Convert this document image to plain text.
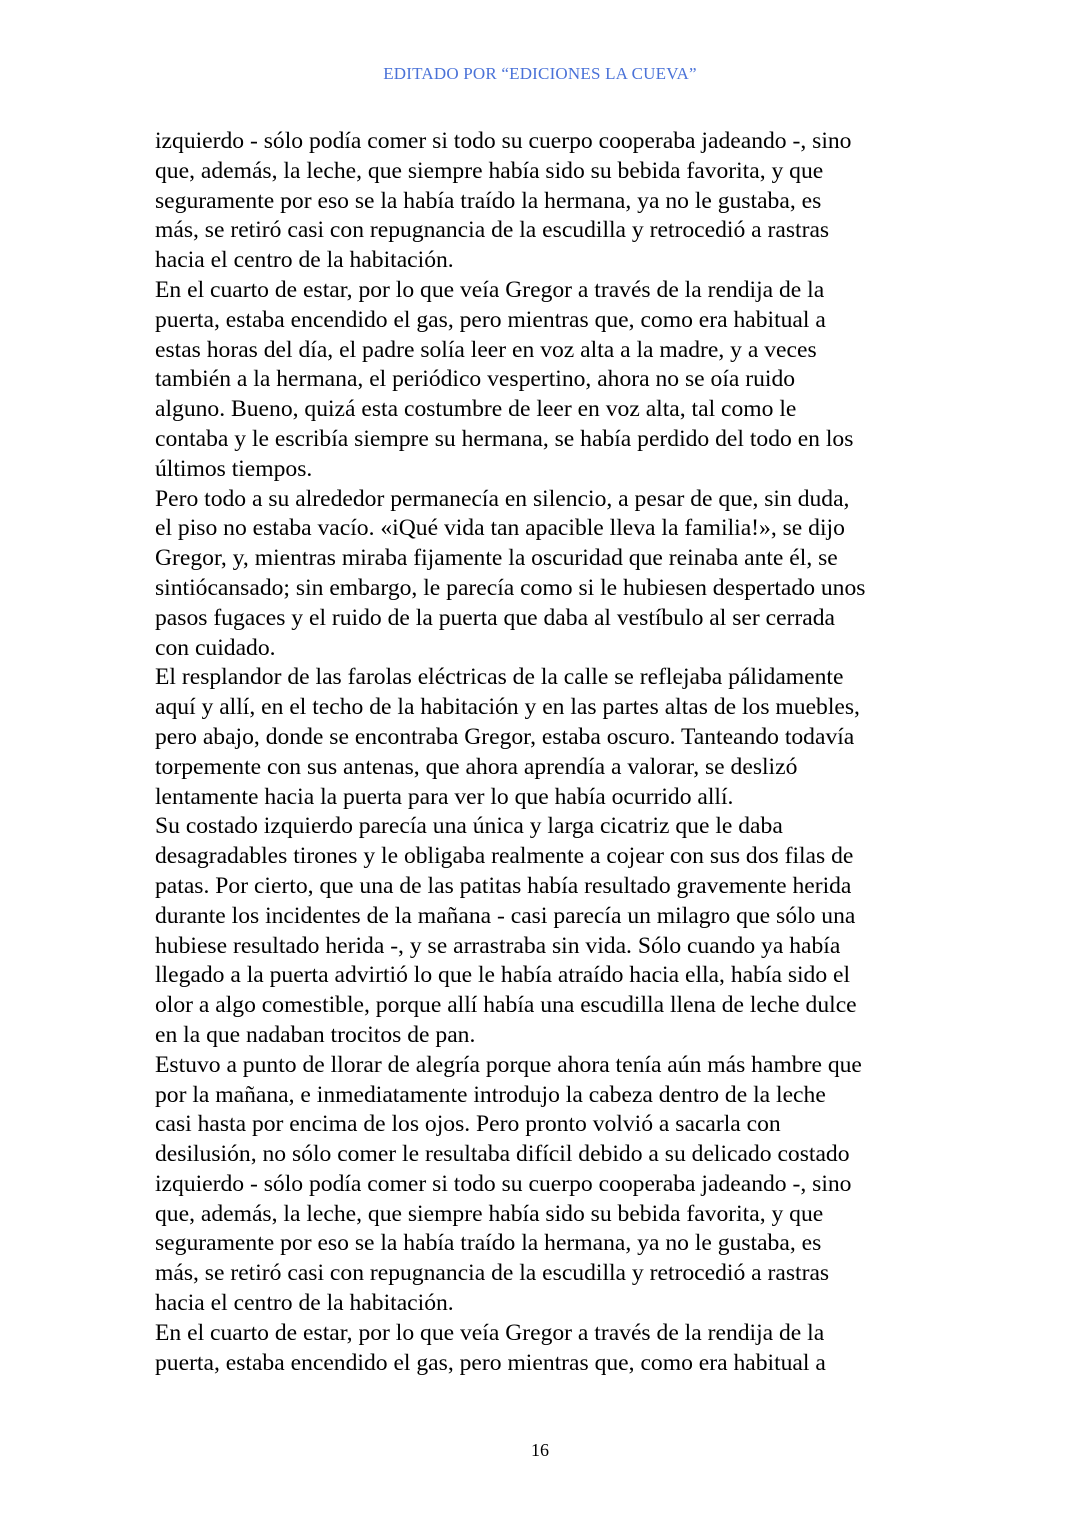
EDITADO POR “EDICIONES LA CUEVA”

izquierdo - sólo podía comer si todo su cuerpo cooperaba jadeando -, sino

que, además, la leche, que siempre había sido su bebida favorita, y que

seguramente por eso se la había traído la hermana, ya no le gustaba, es

más, se retiró casi con repugnancia de la escudilla y retrocedió a rastras

hacia el centro de la habitación.

En el cuarto de estar, por lo que veía Gregor a través de la rendija de la

puerta, estaba encendido el gas, pero mientras que, como era habitual a

estas horas del día, el padre solía leer en voz alta a la madre, y a veces

también a la hermana, el periódico vespertino, ahora no se oía ruido

alguno. Bueno, quizá esta costumbre de leer en voz alta, tal como le

contaba y le escribía siempre su hermana, se había perdido del todo en los

últimos tiempos.

Pero todo a su alrededor permanecía en silencio, a pesar de que, sin duda,

el piso no estaba vacío. «iQué vida tan apacible lleva la familia!», se dijo

Gregor, y, mientras miraba fijamente la oscuridad que reinaba ante él, se

sintiócansado; sin embargo, le parecía como si le hubiesen despertado unos

pasos fugaces y el ruido de la puerta que daba al vestíbulo al ser cerrada

con cuidado.

El resplandor de las farolas eléctricas de la calle se reflejaba pálidamente

aquí y allí, en el techo de la habitación y en las partes altas de los muebles,

pero abajo, donde se encontraba Gregor, estaba oscuro. Tanteando todavía

torpemente con sus antenas, que ahora aprendía a valorar, se deslizó

lentamente hacia la puerta para ver lo que había ocurrido allí.

Su costado izquierdo parecía una única y larga cicatriz que le daba

desagradables tirones y le obligaba realmente a cojear con sus dos filas de

patas. Por cierto, que una de las patitas había resultado gravemente herida

durante los incidentes de la mañana - casi parecía un milagro que sólo una

hubiese resultado herida -, y se arrastraba sin vida. Sólo cuando ya había

llegado a la puerta advirtió lo que le había atraído hacia ella, había sido el

olor a algo comestible, porque allí había una escudilla llena de leche dulce

en la que nadaban trocitos de pan.

Estuvo a punto de llorar de alegría porque ahora tenía aún más hambre que

por la mañana, e inmediatamente introdujo la cabeza dentro de la leche

casi hasta por encima de los ojos. Pero pronto volvió a sacarla con

desilusión, no sólo comer le resultaba difícil debido a su delicado costado

izquierdo - sólo podía comer si todo su cuerpo cooperaba jadeando -, sino

que, además, la leche, que siempre había sido su bebida favorita, y que

seguramente por eso se la había traído la hermana, ya no le gustaba, es

más, se retiró casi con repugnancia de la escudilla y retrocedió a rastras

hacia el centro de la habitación.

En el cuarto de estar, por lo que veía Gregor a través de la rendija de la

puerta, estaba encendido el gas, pero mientras que, como era habitual a

16
